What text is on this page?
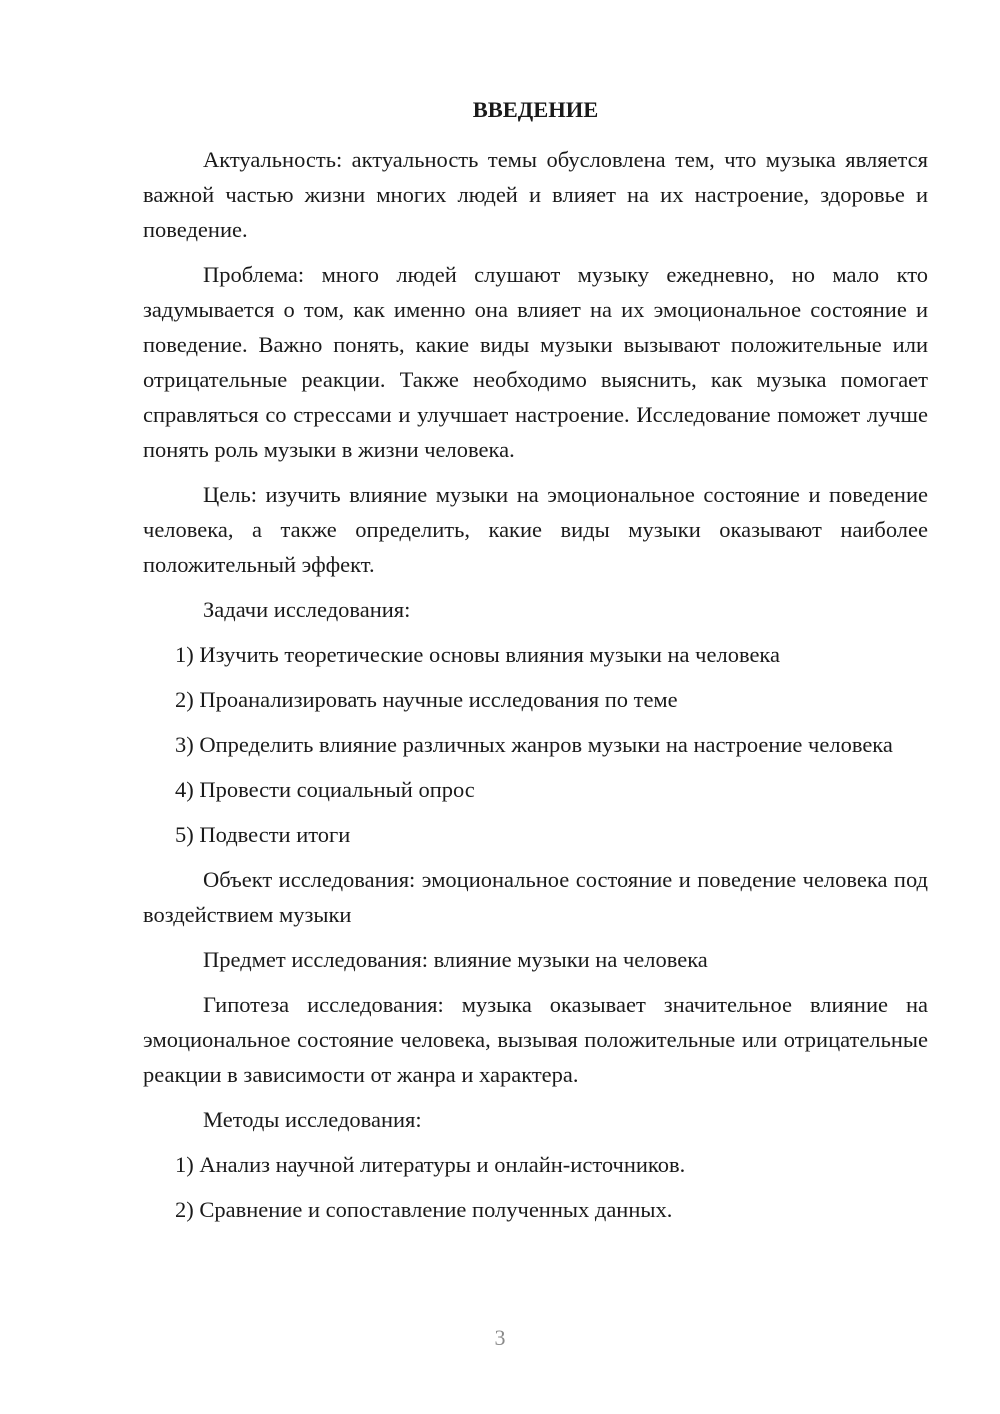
ВВЕДЕНИЕ

Актуальность: актуальность темы обусловлена тем, что музыка является важной частью жизни многих людей и влияет на их настроение, здоровье и поведение.

Проблема: много людей слушают музыку ежедневно, но мало кто задумывается о том, как именно она влияет на их эмоциональное состояние и поведение. Важно понять, какие виды музыки вызывают положительные или отрицательные реакции. Также необходимо выяснить, как музыка помогает справляться со стрессами и улучшает настроение. Исследование поможет лучше понять роль музыки в жизни человека.

Цель: изучить влияние музыки на эмоциональное состояние и поведение человека, а также определить, какие виды музыки оказывают наиболее положительный эффект.

Задачи исследования:

1) Изучить теоретические основы влияния музыки на человека

2) Проанализировать научные исследования по теме

3) Определить влияние различных жанров музыки на настроение человека

4) Провести социальный опрос

5) Подвести итоги

Объект исследования: эмоциональное состояние и поведение человека под воздействием музыки

Предмет исследования: влияние музыки на человека

Гипотеза исследования: музыка оказывает значительное влияние на эмоциональное состояние человека, вызывая положительные или отрицательные реакции в зависимости от жанра и характера.

Методы исследования:

1) Анализ научной литературы и онлайн-источников.

2) Сравнение и сопоставление полученных данных.

3
